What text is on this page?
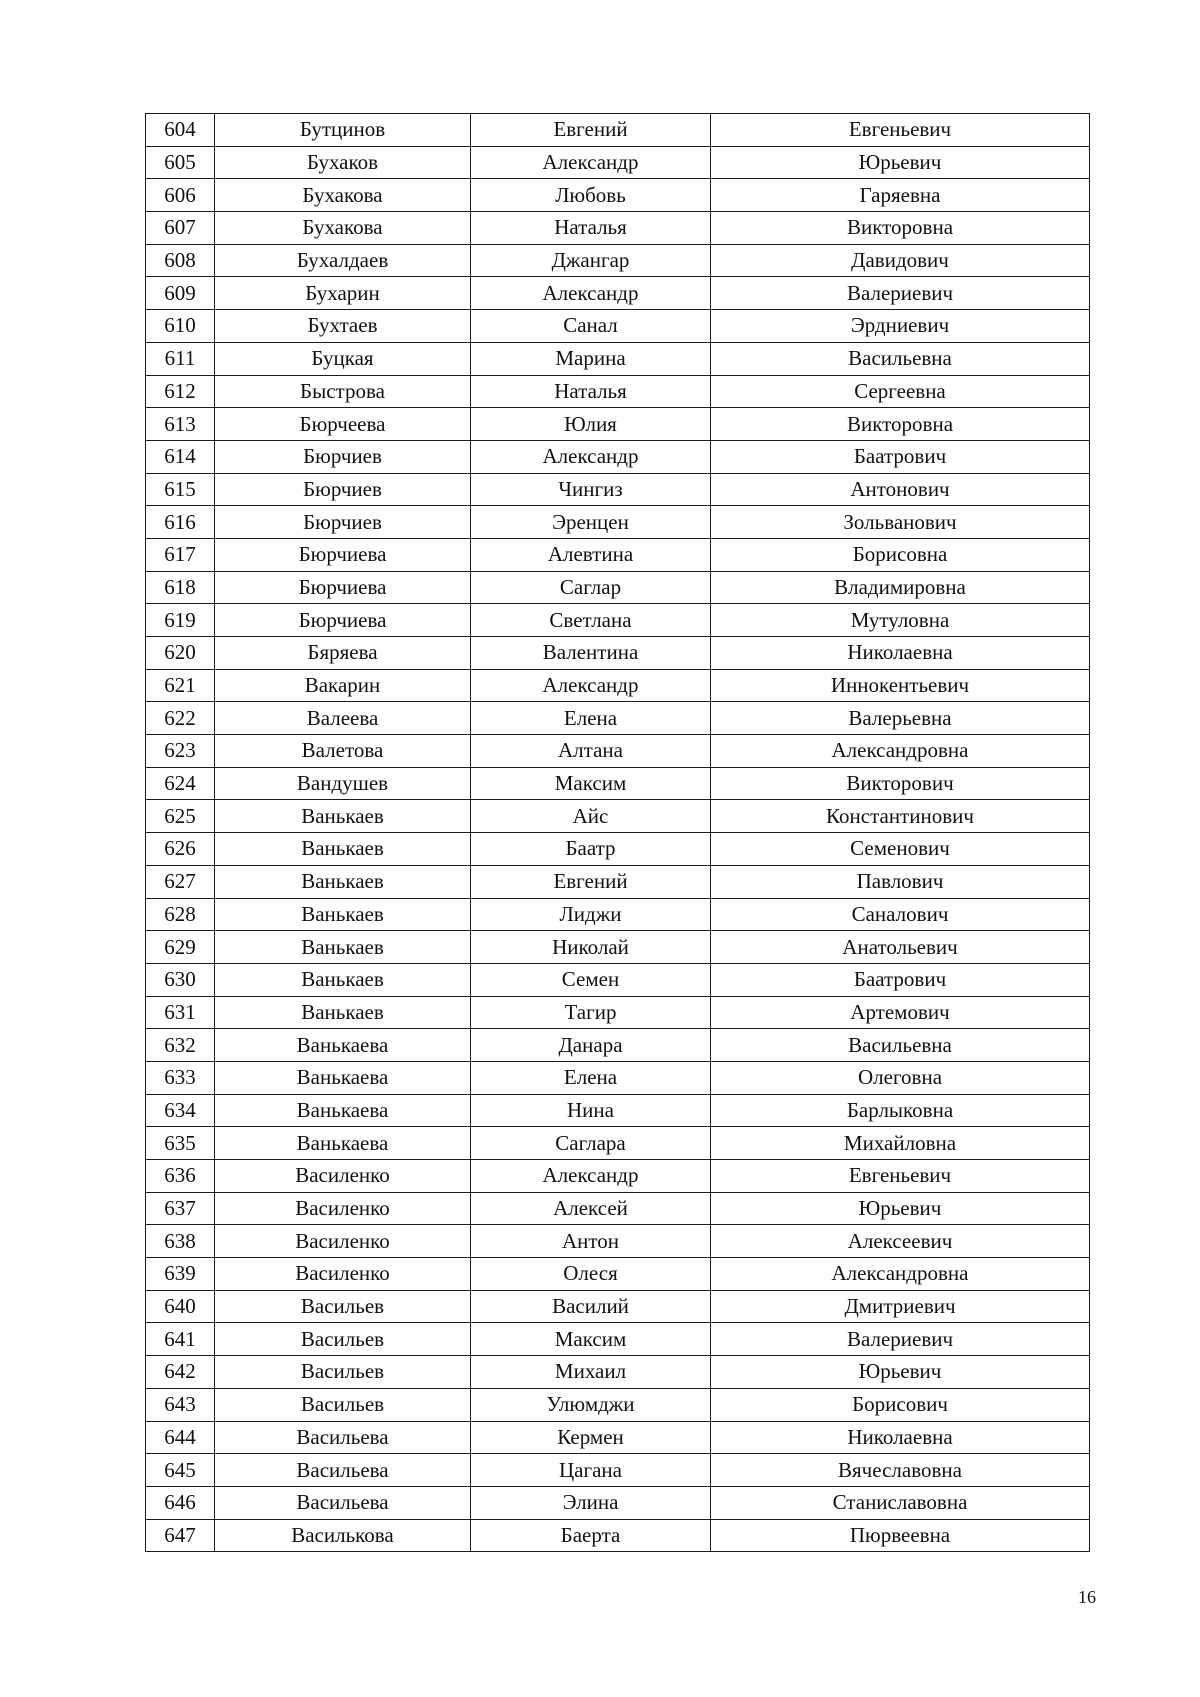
604	Бутцинов	Евгений	Евгеньевич
605	Бухаков	Александр	Юрьевич
606	Бухакова	Любовь	Гаряевна
607	Бухакова	Наталья	Викторовна
608	Бухалдаев	Джангар	Давидович
609	Бухарин	Александр	Валериевич
610	Бухтаев	Санал	Эрдниевич
611	Буцкая	Марина	Васильевна
612	Быстрова	Наталья	Сергеевна
613	Бюрчеева	Юлия	Викторовна
614	Бюрчиев	Александр	Баатрович
615	Бюрчиев	Чингиз	Антонович
616	Бюрчиев	Эренцен	Зольванович
617	Бюрчиева	Алевтина	Борисовна
618	Бюрчиева	Саглар	Владимировна
619	Бюрчиева	Светлана	Мутуловна
620	Бяряева	Валентина	Николаевна
621	Вакарин	Александр	Иннокентьевич
622	Валеева	Елена	Валерьевна
623	Валетова	Алтана	Александровна
624	Вандушев	Максим	Викторович
625	Ванькаев	Айс	Константинович
626	Ванькаев	Баатр	Семенович
627	Ванькаев	Евгений	Павлович
628	Ванькаев	Лиджи	Саналович
629	Ванькаев	Николай	Анатольевич
630	Ванькаев	Семен	Баатрович
631	Ванькаев	Тагир	Артемович
632	Ванькаева	Данара	Васильевна
633	Ванькаева	Елена	Олеговна
634	Ванькаева	Нина	Барлыковна
635	Ванькаева	Саглара	Михайловна
636	Василенко	Александр	Евгеньевич
637	Василенко	Алексей	Юрьевич
638	Василенко	Антон	Алексеевич
639	Василенко	Олеся	Александровна
640	Васильев	Василий	Дмитриевич
641	Васильев	Максим	Валериевич
642	Васильев	Михаил	Юрьевич
643	Васильев	Улюмджи	Борисович
644	Васильева	Кермен	Николаевна
645	Васильева	Цагана	Вячеславовна
646	Васильева	Элина	Станиславовна
647	Василькова	Баерта	Пюрвеевна
16
